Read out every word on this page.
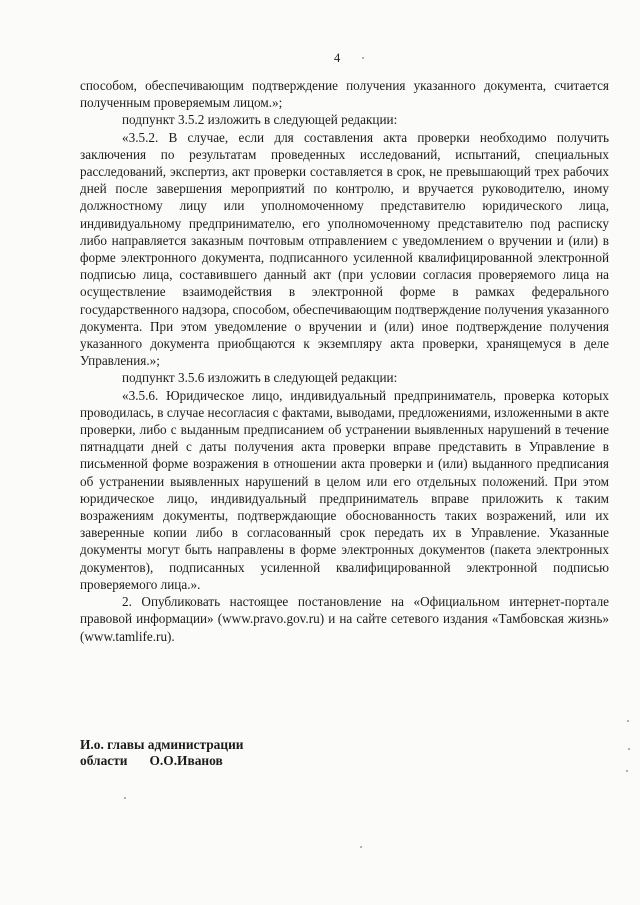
4

способом, обеспечивающим подтверждение получения указанного документа, считается полученным проверяемым лицом.»;

подпункт 3.5.2 изложить в следующей редакции:

«3.5.2. В случае, если для составления акта проверки необходимо получить заключения по результатам проведенных исследований, испытаний, специальных расследований, экспертиз, акт проверки составляется в срок, не превышающий трех рабочих дней после завершения мероприятий по контролю, и вручается руководителю, иному должностному лицу или уполномоченному представителю юридического лица, индивидуальному предпринимателю, его уполномоченному представителю под расписку либо направляется заказным почтовым отправлением с уведомлением о вручении и (или) в форме электронного документа, подписанного усиленной квалифицированной электронной подписью лица, составившего данный акт (при условии согласия проверяемого лица на осуществление взаимодействия в электронной форме в рамках федерального государственного надзора, способом, обеспечивающим подтверждение получения указанного документа. При этом уведомление о вручении и (или) иное подтверждение получения указанного документа приобщаются к экземпляру акта проверки, хранящемуся в деле Управления.»;

подпункт 3.5.6 изложить в следующей редакции:

«3.5.6. Юридическое лицо, индивидуальный предприниматель, проверка которых проводилась, в случае несогласия с фактами, выводами, предложениями, изложенными в акте проверки, либо с выданным предписанием об устранении выявленных нарушений в течение пятнадцати дней с даты получения акта проверки вправе представить в Управление в письменной форме возражения в отношении акта проверки и (или) выданного предписания об устранении выявленных нарушений в целом или его отдельных положений. При этом юридическое лицо, индивидуальный предприниматель вправе приложить к таким возражениям документы, подтверждающие обоснованность таких возражений, или их заверенные копии либо в согласованный срок передать их в Управление. Указанные документы могут быть направлены в форме электронных документов (пакета электронных документов), подписанных усиленной квалифицированной электронной подписью проверяемого лица.».

2. Опубликовать настоящее постановление на «Официальном интернет-портале правовой информации» (www.pravo.gov.ru) и на сайте сетевого издания «Тамбовская жизнь» (www.tamlife.ru).

И.о. главы администрации
области О.О.Иванов
